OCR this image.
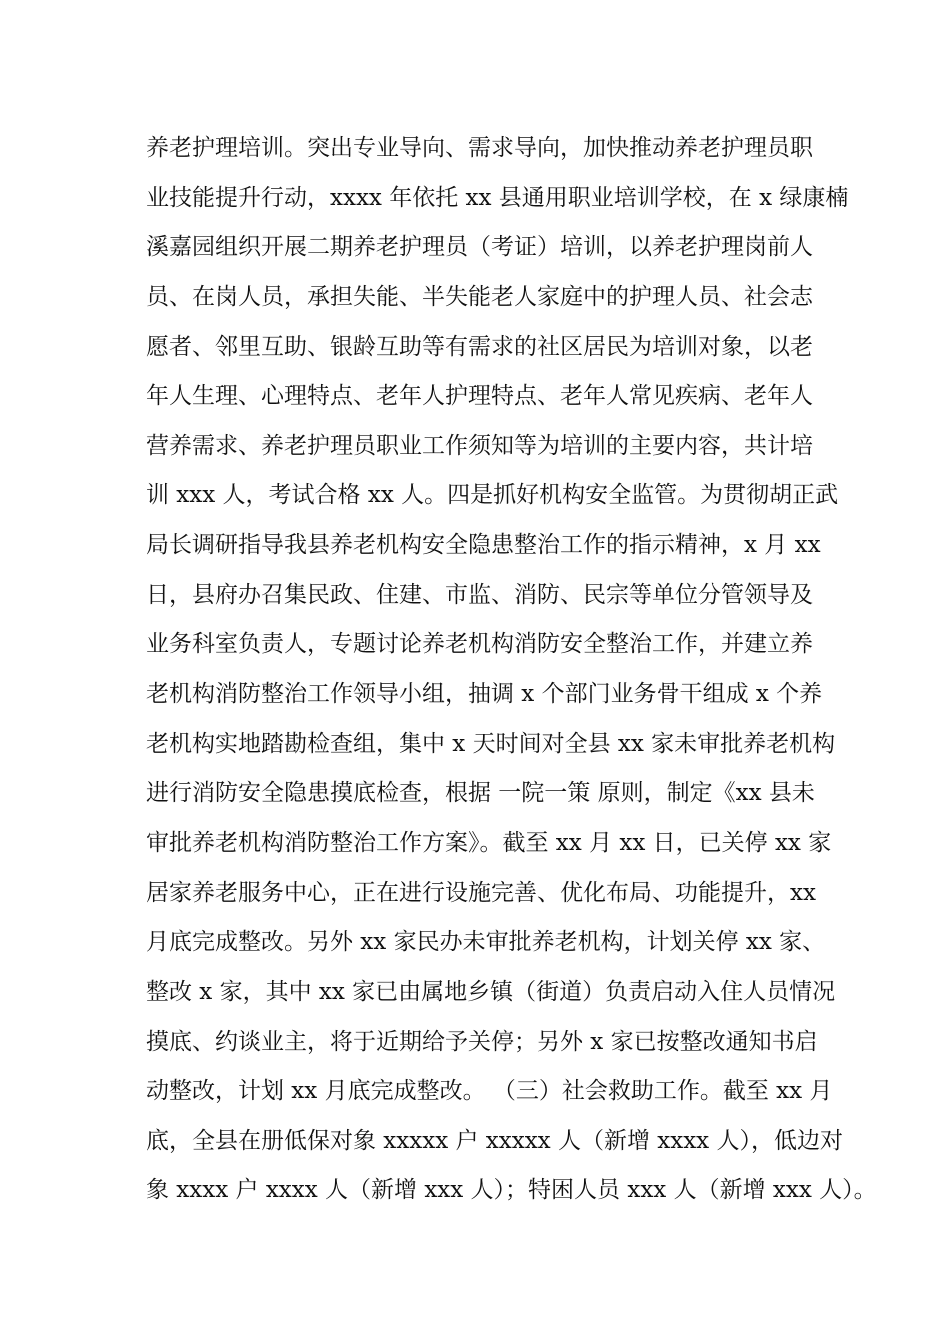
养老护理培训。突出专业导向、需求导向，加快推动养老护理员职
业技能提升行动，xxxx 年依托 xx 县通用职业培训学校，在 x 绿康楠
溪嘉园组织开展二期养老护理员（考证）培训，以养老护理岗前人
员、在岗人员，承担失能、半失能老人家庭中的护理人员、社会志
愿者、邻里互助、银龄互助等有需求的社区居民为培训对象，以老
年人生理、心理特点、老年人护理特点、老年人常见疾病、老年人
营养需求、养老护理员职业工作须知等为培训的主要内容，共计培
训 xxx 人，考试合格 xx 人。四是抓好机构安全监管。为贯彻胡正武
局长调研指导我县养老机构安全隐患整治工作的指示精神，x 月 xx
日，县府办召集民政、住建、市监、消防、民宗等单位分管领导及
业务科室负责人，专题讨论养老机构消防安全整治工作，并建立养
老机构消防整治工作领导小组，抽调 x 个部门业务骨干组成 x 个养
老机构实地踏勘检查组，集中 x 天时间对全县 xx 家未审批养老机构
进行消防安全隐患摸底检查，根据 一院一策 原则，制定《xx 县未
审批养老机构消防整治工作方案》。截至 xx 月 xx 日，已关停 xx 家
居家养老服务中心，正在进行设施完善、优化布局、功能提升，xx
月底完成整改。另外 xx 家民办未审批养老机构，计划关停 xx 家、
整改 x 家，其中 xx 家已由属地乡镇（街道）负责启动入住人员情况
摸底、约谈业主，将于近期给予关停；另外 x 家已按整改通知书启
动整改，计划 xx 月底完成整改。 （三）社会救助工作。截至 xx 月
底，全县在册低保对象 xxxxx 户 xxxxx 人（新增 xxxx 人），低边对
象 xxxx 户 xxxx 人（新增 xxx 人）；特困人员 xxx 人（新增 xxx 人）。
